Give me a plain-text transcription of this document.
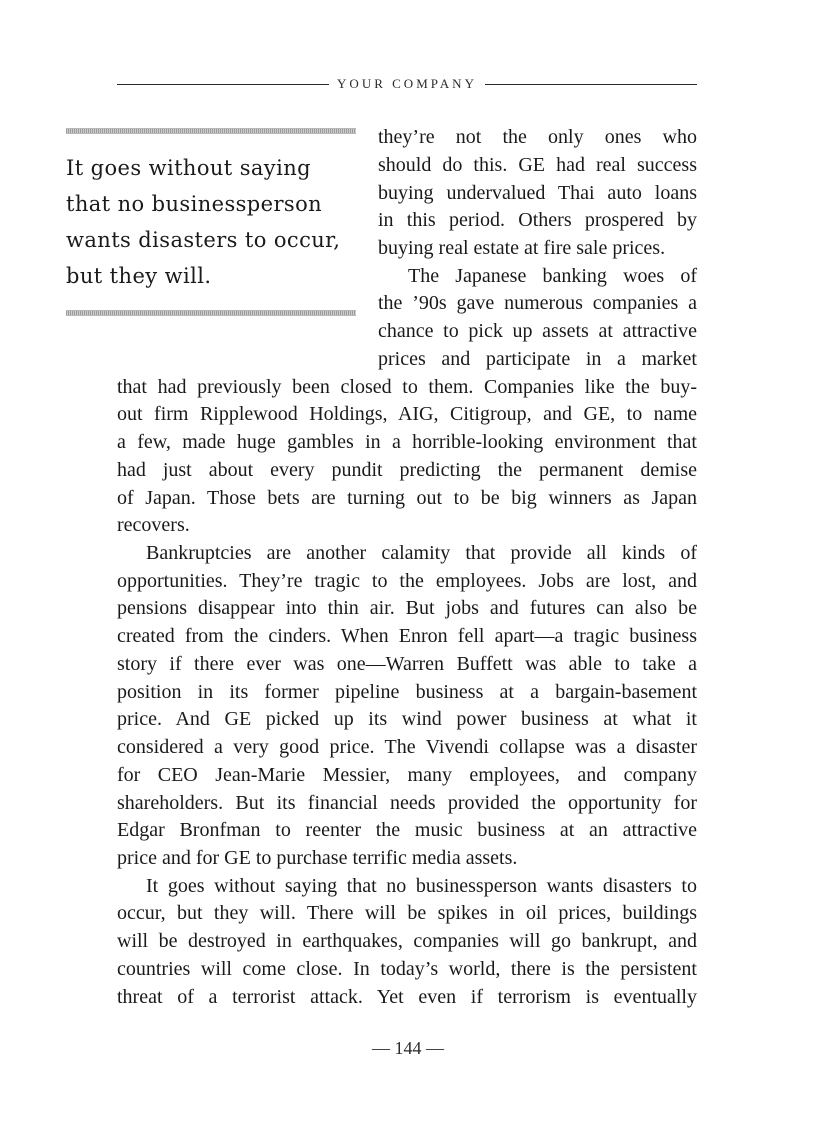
YOUR COMPANY
It goes without saying
that no businessperson
wants disasters to occur,
but they will.
they’re not the only ones who
should do this. GE had real success
buying undervalued Thai auto loans
in this period. Others prospered by
buying real estate at fire sale prices.
The Japanese banking woes of
the ’90s gave numerous companies a
chance to pick up assets at attractive
prices and participate in a market
that had previously been closed to them. Companies like the buy-
out firm Ripplewood Holdings, AIG, Citigroup, and GE, to name
a few, made huge gambles in a horrible-looking environment that
had just about every pundit predicting the permanent demise
of Japan. Those bets are turning out to be big winners as Japan
recovers.
Bankruptcies are another calamity that provide all kinds of
opportunities. They’re tragic to the employees. Jobs are lost, and
pensions disappear into thin air. But jobs and futures can also be
created from the cinders. When Enron fell apart—a tragic business
story if there ever was one—Warren Buffett was able to take a
position in its former pipeline business at a bargain-basement
price. And GE picked up its wind power business at what it
considered a very good price. The Vivendi collapse was a disaster
for CEO Jean-Marie Messier, many employees, and company
shareholders. But its financial needs provided the opportunity for
Edgar Bronfman to reenter the music business at an attractive
price and for GE to purchase terrific media assets.
It goes without saying that no businessperson wants disasters to
occur, but they will. There will be spikes in oil prices, buildings
will be destroyed in earthquakes, companies will go bankrupt, and
countries will come close. In today’s world, there is the persistent
threat of a terrorist attack. Yet even if terrorism is eventually
— 144 —
